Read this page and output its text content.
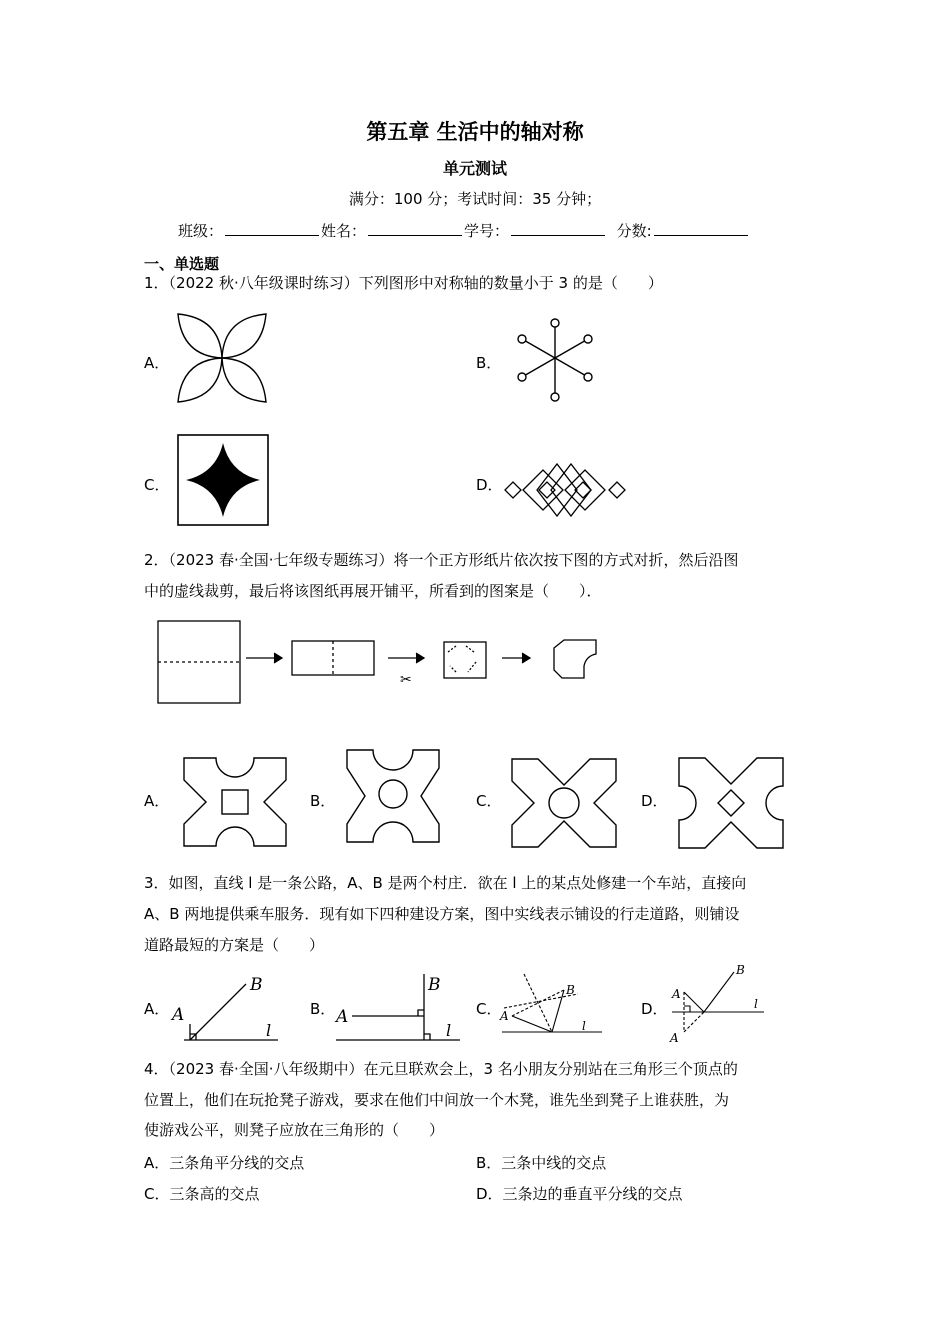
第五章 生活中的轴对称
单元测试
满分：100 分；考试时间：35 分钟；
班级：	姓名：	学号：	分数:
一、单选题
1．（2022 秋·八年级课时练习）下列图形中对称轴的数量小于 3 的是（　　）
A．	B．
C．	D．
2．（2023 春·全国·七年级专题练习）将一个正方形纸片依次按下图的方式对折，然后沿图
中的虚线裁剪，最后将该图纸再展开铺平，所看到的图案是（　　）．
✂
A．	B．	C．	D．
3．如图，直线 l 是一条公路，A、B 是两个村庄．欲在 l 上的某点处修建一个车站，直接向
A、B 两地提供乘车服务．现有如下四种建设方案，图中实线表示铺设的行走道路，则铺设
道路最短的方案是（　　）
A． A
B
l
B． A
B
l
C．
A
B
l
D．
A
A
B
l
4．（2023 春·全国·八年级期中）在元旦联欢会上，3 名小朋友分别站在三角形三个顶点的
位置上，他们在玩抢凳子游戏，要求在他们中间放一个木凳，谁先坐到凳子上谁获胜，为
使游戏公平，则凳子应放在三角形的（　　）
A．三条角平分线的交点	B．三条中线的交点
C．三条高的交点	D．三条边的垂直平分线的交点
